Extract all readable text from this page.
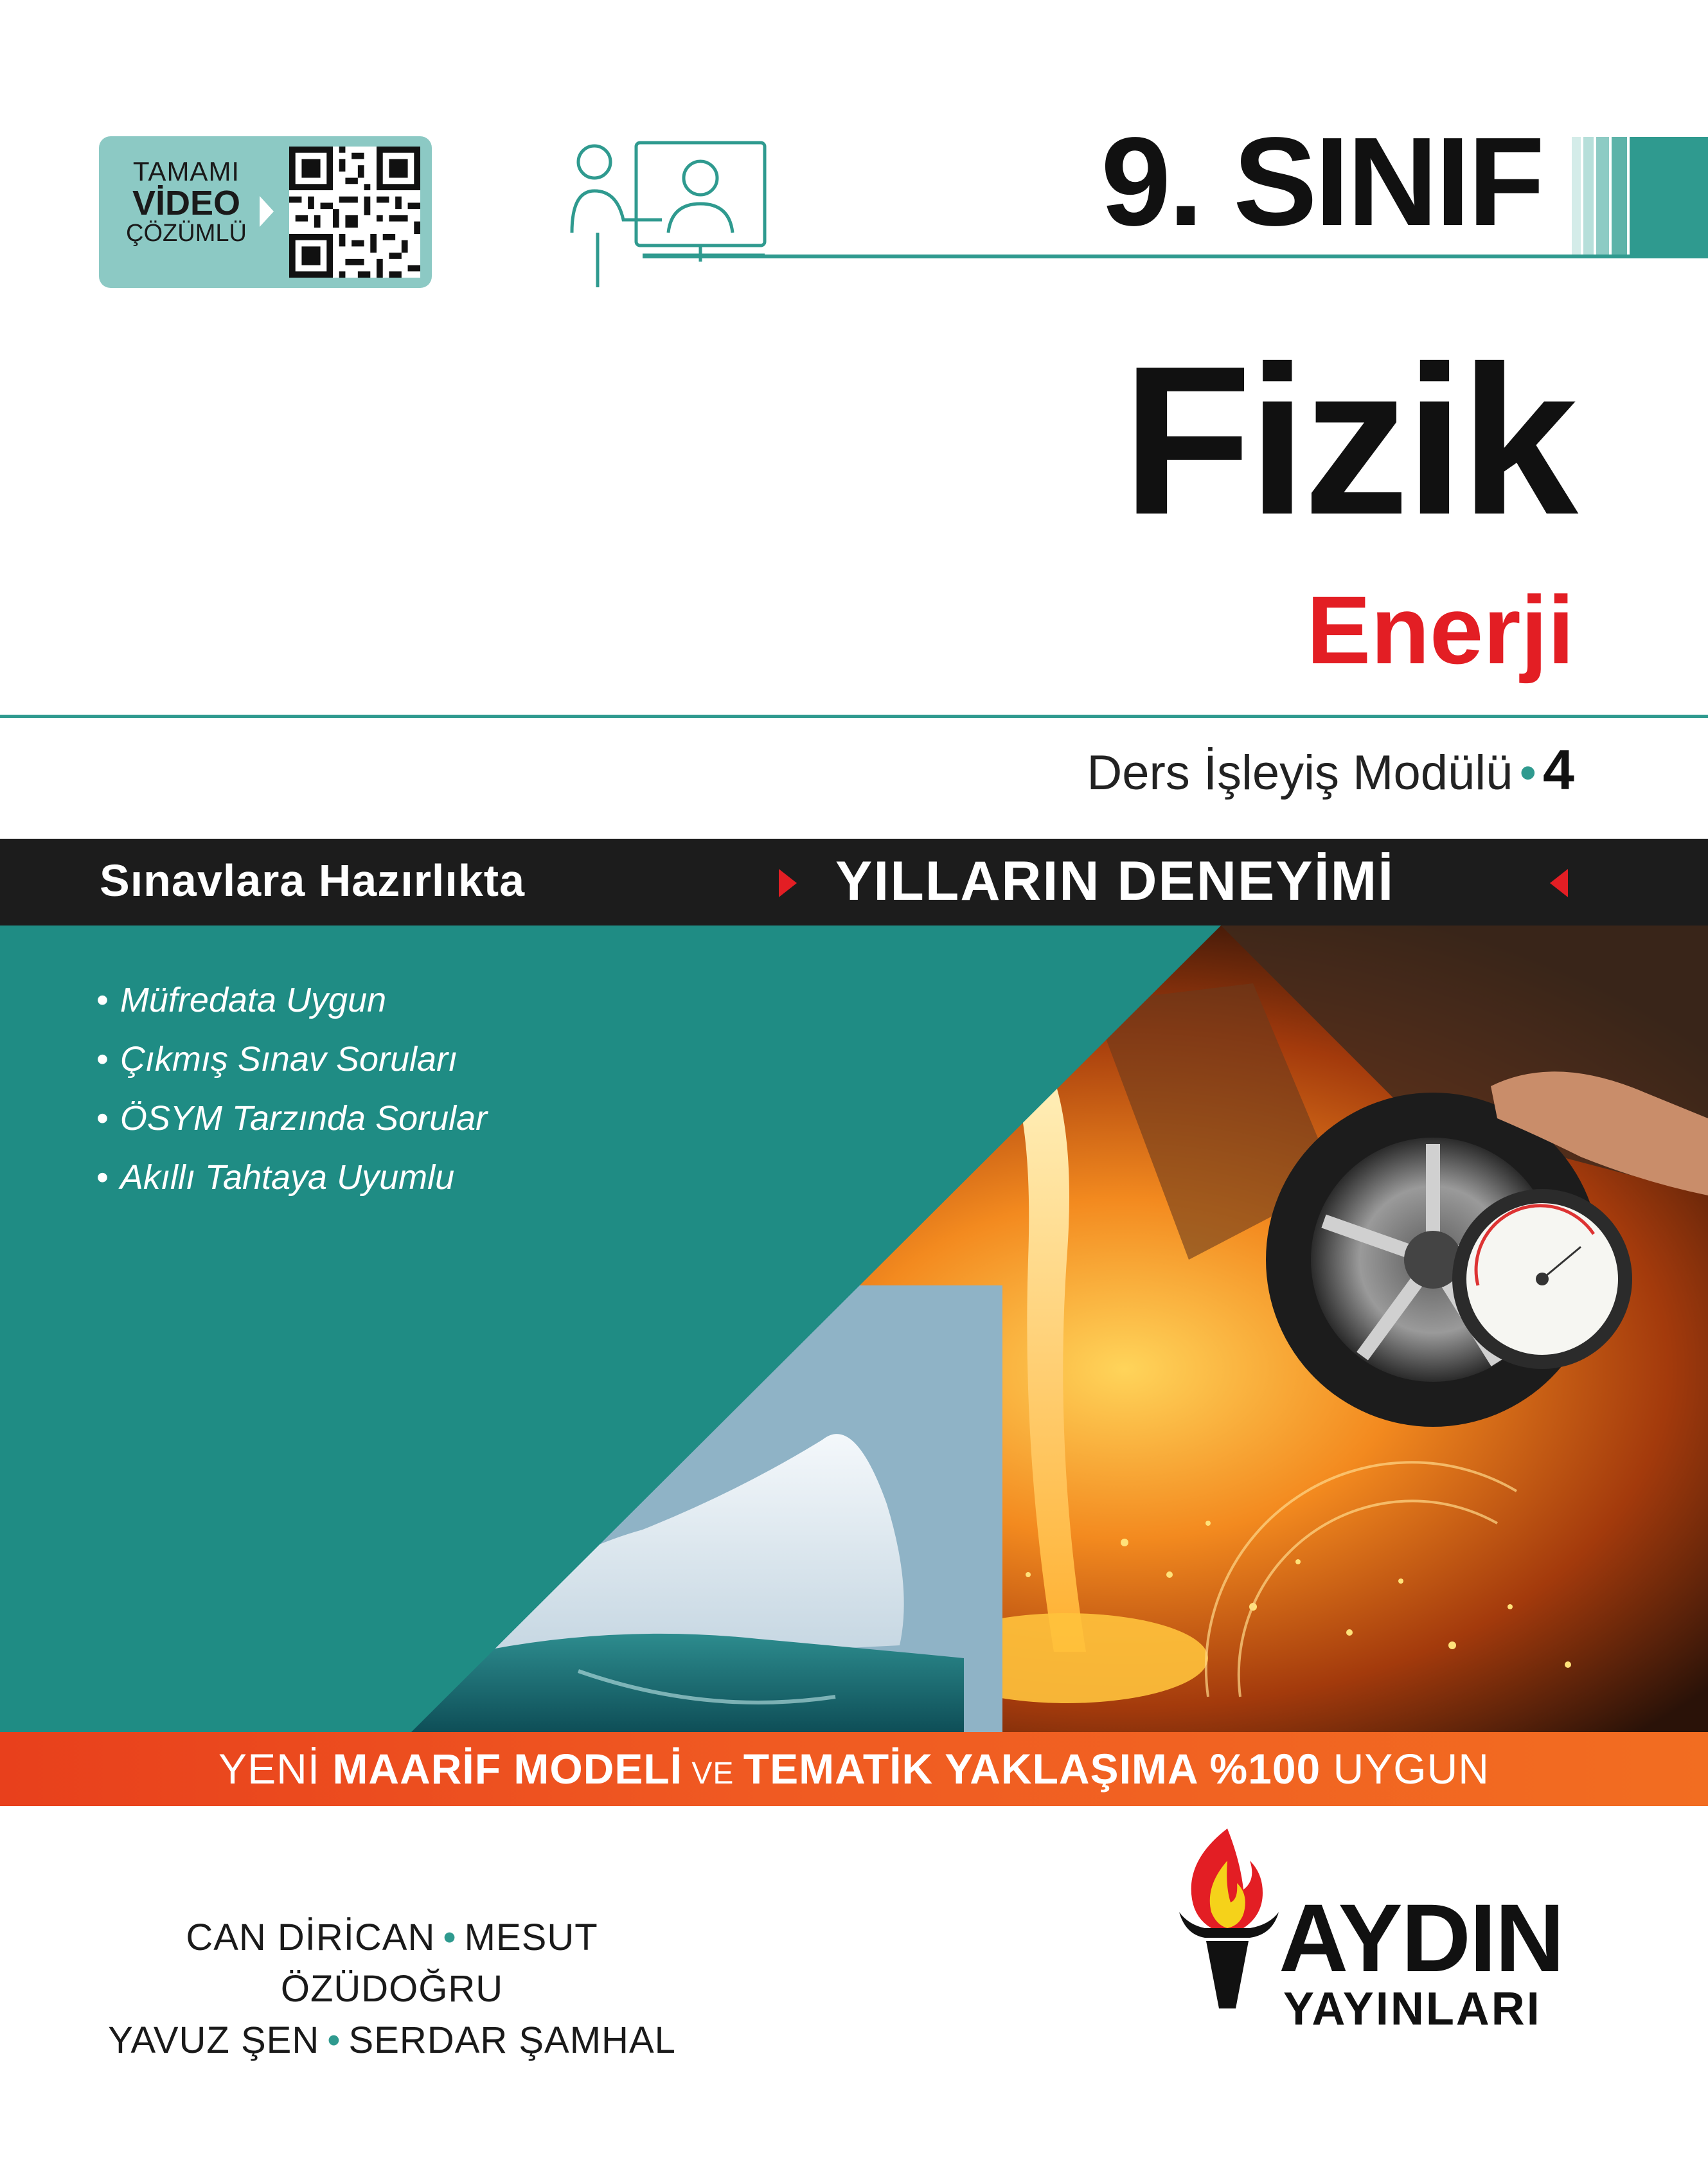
TAMAMI
VİDEO
ÇÖZÜMLÜ	9. SINIF
Fizik
Enerji
Ders İşleyiş Modülü • 4
Sınavlara Hazırlıkta	YILLARIN DENEYİMİ
• Müfredata Uygun
• Çıkmış Sınav Soruları
• ÖSYM Tarzında Sorular
• Akıllı Tahtaya Uyumlu
YENİ MAARİF MODELİ VE TEMATİK YAKLAŞIMA %100 UYGUN
CAN DİRİCAN • MESUT ÖZÜDOĞRU
YAVUZ ŞEN • SERDAR ŞAMHAL
AYDIN
YAYINLARI
